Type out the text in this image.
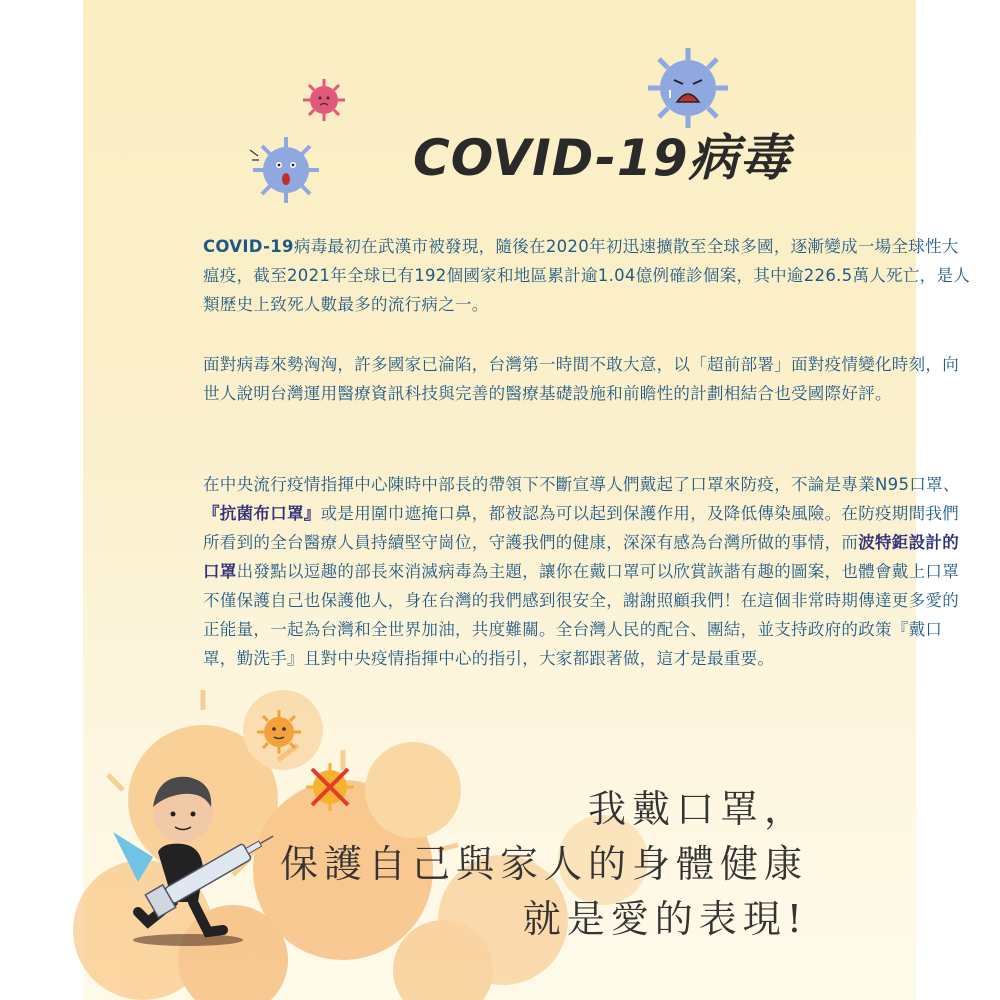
COVID-19病毒

COVID-19病毒最初在武漢市被發現，隨後在2020年初迅速擴散至全球多國，逐漸變成一場全球性大瘟疫，截至2021年全球已有192個國家和地區累計逾1.04億例確診個案，其中逾226.5萬人死亡，是人類歷史上致死人數最多的流行病之一。

面對病毒來勢洶洶，許多國家已淪陷，台灣第一時間不敢大意，以「超前部署」面對疫情變化時刻，向世人說明台灣運用醫療資訊科技與完善的醫療基礎設施和前瞻性的計劃相結合也受國際好評。

在中央流行疫情指揮中心陳時中部長的帶領下不斷宣導人們戴起了口罩來防疫，不論是專業N95口罩、『抗菌布口罩』或是用圍巾遮掩口鼻，都被認為可以起到保護作用，及降低傳染風險。在防疫期間我們所看到的全台醫療人員持續堅守崗位，守護我們的健康，深深有感為台灣所做的事情，而波特鉅設計的口罩出發點以逗趣的部長來消滅病毒為主題，讓你在戴口罩可以欣賞詼諧有趣的圖案，也體會戴上口罩不僅保護自己也保護他人，身在台灣的我們感到很安全，謝謝照顧我們！在這個非常時期傳達更多愛的正能量，一起為台灣和全世界加油，共度難關。全台灣人民的配合、團結，並支持政府的政策『戴口罩，勤洗手』且對中央疫情指揮中心的指引，大家都跟著做，這才是最重要。

我戴口罩，
保護自己與家人的身體健康
就是愛的表現!
